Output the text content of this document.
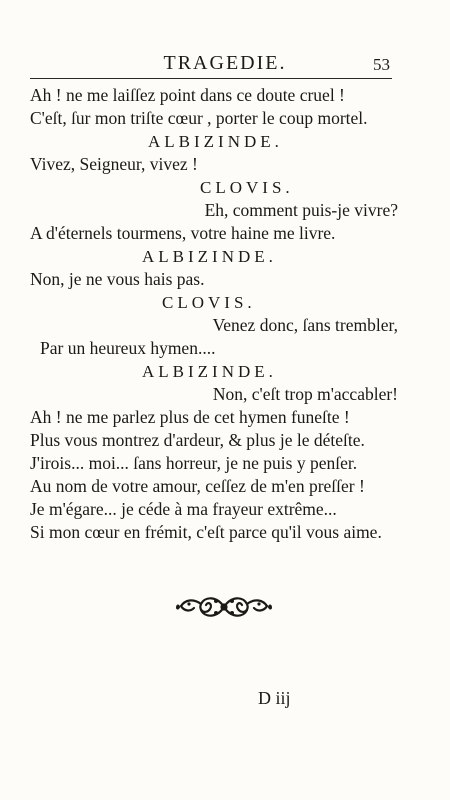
TRAGEDIE.	53
Ah ! ne me laiſſez point dans ce doute cruel !
C'eſt, ſur mon triſte cœur , porter le coup mortel.
ALBIZINDE.
Vivez, Seigneur, vivez !
CLOVIS.
Eh, comment puis-je vivre?
A d'éternels tourmens, votre haine me livre.
ALBIZINDE.
Non, je ne vous hais pas.
CLOVIS.
Venez donc, ſans trembler,
Par un heureux hymen....
ALBIZINDE.
Non, c'eſt trop m'accabler!
Ah ! ne me parlez plus de cet hymen funeſte !
Plus vous montrez d'ardeur, & plus je le déteſte.
J'irois... moi... ſans horreur, je ne puis y penſer.
Au nom de votre amour, ceſſez de m'en preſſer !
Je m'égare... je céde à ma frayeur extrême...
Si mon cœur en frémit, c'eſt parce qu'il vous aime.
D iij
